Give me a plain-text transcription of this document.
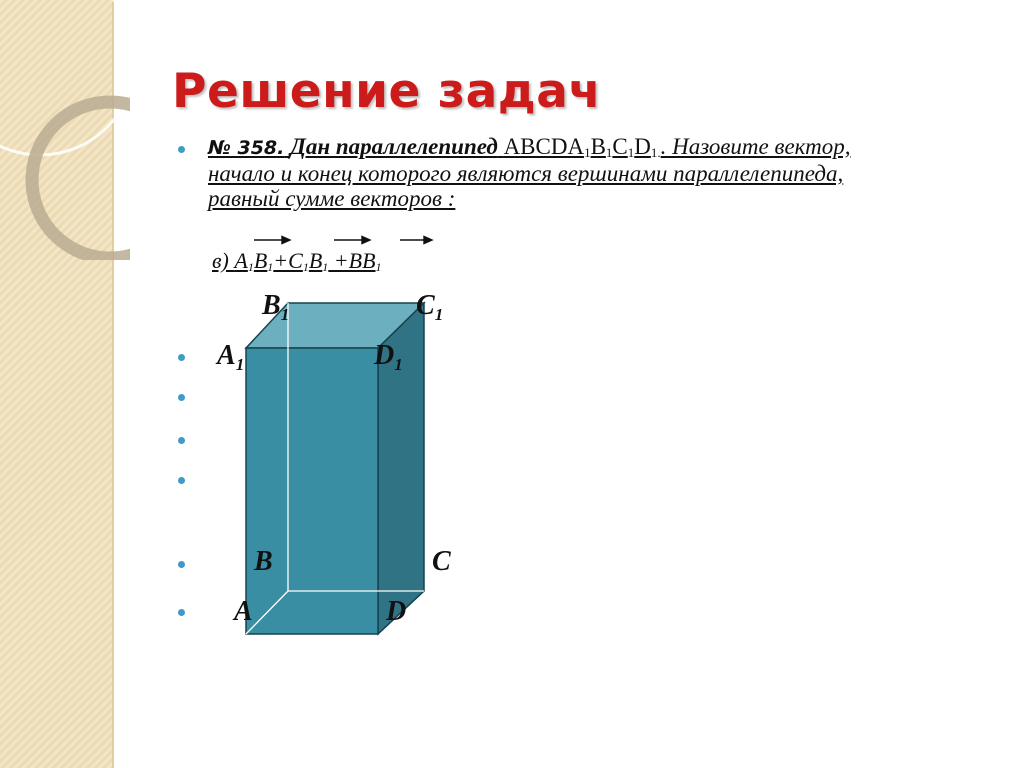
Решение задач
№ 358. Дан параллелепипед $ABCDA_1B_1C_1D_{1.}$. Назовите вектор, начало и конец которого являются вершинами параллелепипеда, равный сумме векторов :
в) $A_1B_1+C_1B_1 +BB_1$
$B_1$	$C_1$
$A_1$	$D_1$
B	C
A	D
